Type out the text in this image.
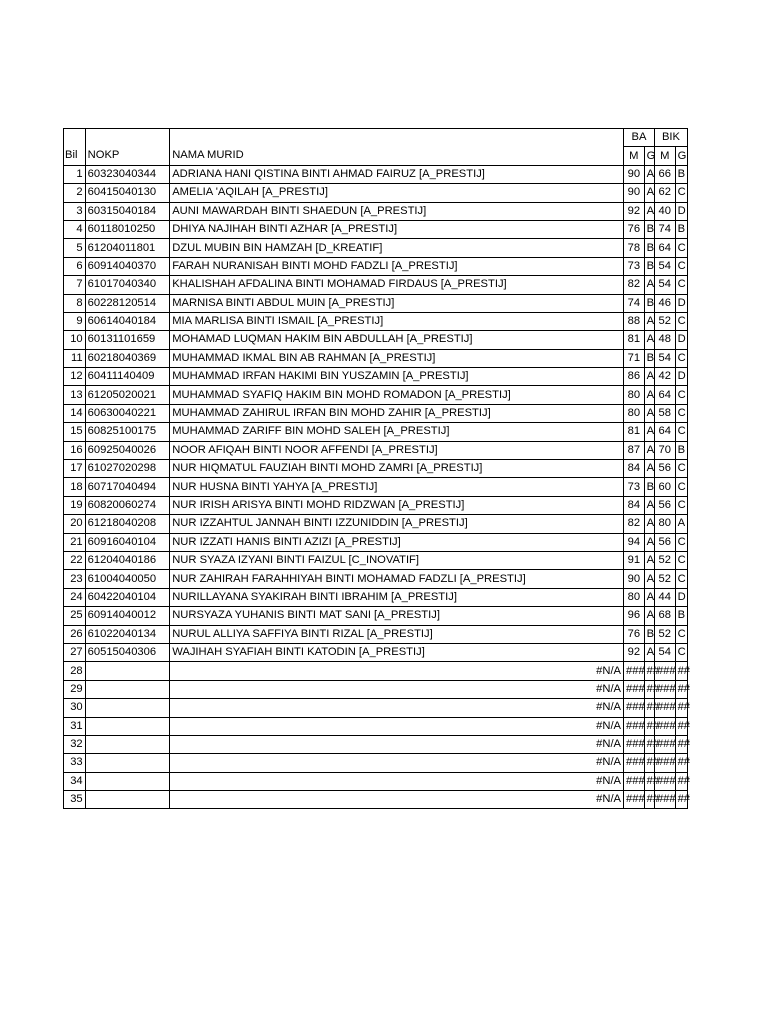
			BA		BIK	
Bil	NOKP	NAMA MURID	M	G	M	G
1	60323040344	ADRIANA HANI QISTINA BINTI AHMAD FAIRUZ [A_PRESTIJ]	90	A	66	B
2	60415040130	AMELIA 'AQILAH [A_PRESTIJ]	90	A	62	C
3	60315040184	AUNI MAWARDAH BINTI SHAEDUN [A_PRESTIJ]	92	A	40	D
4	60118010250	DHIYA NAJIHAH BINTI AZHAR [A_PRESTIJ]	76	B	74	B
5	61204011801	DZUL MUBIN BIN HAMZAH [D_KREATIF]	78	B	64	C
6	60914040370	FARAH NURANISAH BINTI MOHD FADZLI [A_PRESTIJ]	73	B	54	C
7	61017040340	KHALISHAH AFDALINA BINTI MOHAMAD FIRDAUS [A_PRESTIJ]	82	A	54	C
8	60228120514	MARNISA BINTI ABDUL MUIN [A_PRESTIJ]	74	B	46	D
9	60614040184	MIA MARLISA BINTI ISMAIL [A_PRESTIJ]	88	A	52	C
10	60131101659	MOHAMAD LUQMAN HAKIM BIN ABDULLAH [A_PRESTIJ]	81	A	48	D
11	60218040369	MUHAMMAD IKMAL BIN AB RAHMAN [A_PRESTIJ]	71	B	54	C
12	60411140409	MUHAMMAD IRFAN HAKIMI BIN YUSZAMIN [A_PRESTIJ]	86	A	42	D
13	61205020021	MUHAMMAD SYAFIQ HAKIM BIN MOHD ROMADON [A_PRESTIJ]	80	A	64	C
14	60630040221	MUHAMMAD ZAHIRUL IRFAN BIN MOHD ZAHIR [A_PRESTIJ]	80	A	58	C
15	60825100175	MUHAMMAD ZARIFF BIN MOHD SALEH [A_PRESTIJ]	81	A	64	C
16	60925040026	NOOR AFIQAH BINTI NOOR AFFENDI [A_PRESTIJ]	87	A	70	B
17	61027020298	NUR HIQMATUL FAUZIAH BINTI MOHD ZAMRI [A_PRESTIJ]	84	A	56	C
18	60717040494	NUR HUSNA BINTI YAHYA [A_PRESTIJ]	73	B	60	C
19	60820060274	NUR IRISH ARISYA BINTI MOHD RIDZWAN [A_PRESTIJ]	84	A	56	C
20	61218040208	NUR IZZAHTUL JANNAH BINTI IZZUNIDDIN [A_PRESTIJ]	82	A	80	A
21	60916040104	NUR IZZATI HANIS BINTI AZIZI [A_PRESTIJ]	94	A	56	C
22	61204040186	NUR SYAZA IZYANI BINTI FAIZUL [C_INOVATIF]	91	A	52	C
23	61004040050	NUR ZAHIRAH FARAHHIYAH BINTI MOHAMAD FADZLI [A_PRESTIJ]	90	A	52	C
24	60422040104	NURILLAYANA SYAKIRAH BINTI IBRAHIM [A_PRESTIJ]	80	A	44	D
25	60914040012	NURSYAZA YUHANIS BINTI MAT SANI [A_PRESTIJ]	96	A	68	B
26	61022040134	NURUL ALLIYA SAFFIYA BINTI RIZAL [A_PRESTIJ]	76	B	52	C
27	60515040306	WAJIHAH SYAFIAH BINTI KATODIN [A_PRESTIJ]	92	A	54	C
28		#N/A	###	##	###	##
29		#N/A	###	##	###	##
30		#N/A	###	##	###	##
31		#N/A	###	##	###	##
32		#N/A	###	##	###	##
33		#N/A	###	##	###	##
34		#N/A	###	##	###	##
35		#N/A	###	##	###	##
